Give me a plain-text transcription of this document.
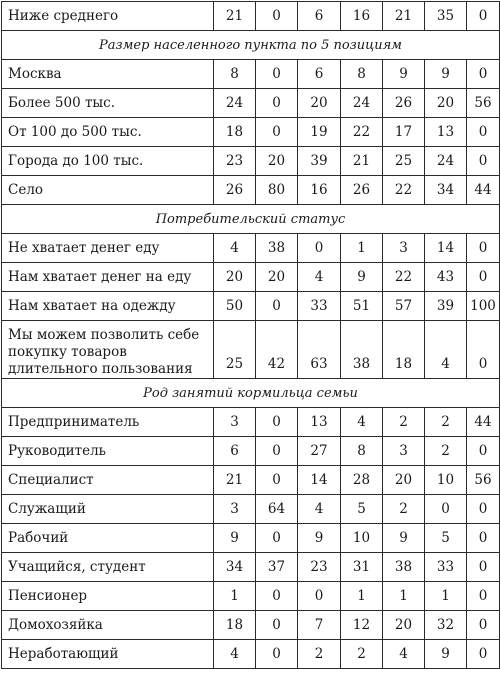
Ниже среднего	21	0	6	16	21	35	0
Размер населенного пункта по 5 позициям							
Москва	8	0	6	8	9	9	0
Более 500 тыс.	24	0	20	24	26	20	56
От 100 до 500 тыс.	18	0	19	22	17	13	0
Города до 100 тыс.	23	20	39	21	25	24	0
Село	26	80	16	26	22	34	44
Потребительский статус							
Не хватает денег еду	4	38	0	1	3	14	0
Нам хватает денег на еду	20	20	4	9	22	43	0
Нам хватает на одежду	50	0	33	51	57	39	100
Мы можем позволить себе покупку товаров длительного пользования	25	42	63	38	18	4	0
Род занятий кормильца семьи							
Предприниматель	3	0	13	4	2	2	44
Руководитель	6	0	27	8	3	2	0
Специалист	21	0	14	28	20	10	56
Служащий	3	64	4	5	2	0	0
Рабочий	9	0	9	10	9	5	0
Учащийся, студент	34	37	23	31	38	33	0
Пенсионер	1	0	0	1	1	1	0
Домохозяйка	18	0	7	12	20	32	0
Неработающий	4	0	2	2	4	9	0
